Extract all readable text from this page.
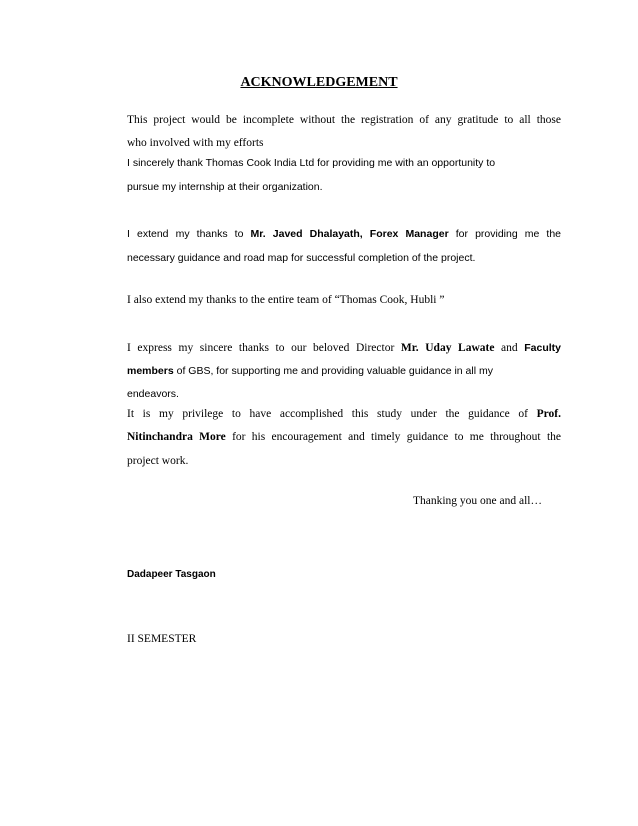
ACKNOWLEDGEMENT

This project would be incomplete without the registration of any gratitude to all those

who involved with my efforts

I sincerely thank Thomas Cook India Ltd for providing me with an opportunity to

pursue my internship at their organization.

I extend my thanks to Mr. Javed Dhalayath, Forex Manager for providing me the

necessary guidance and road map for successful completion of the project.

I also extend my thanks to the entire team of “Thomas Cook, Hubli ”

I express my sincere thanks to our beloved Director Mr. Uday Lawate and Faculty

members of GBS, for supporting me and providing valuable guidance in all my

endeavors.

It is my privilege to have accomplished this study under the guidance of Prof.

Nitinchandra More for his encouragement and timely guidance to me throughout the

project work.

Thanking you one and all…

Dadapeer Tasgaon

II SEMESTER
